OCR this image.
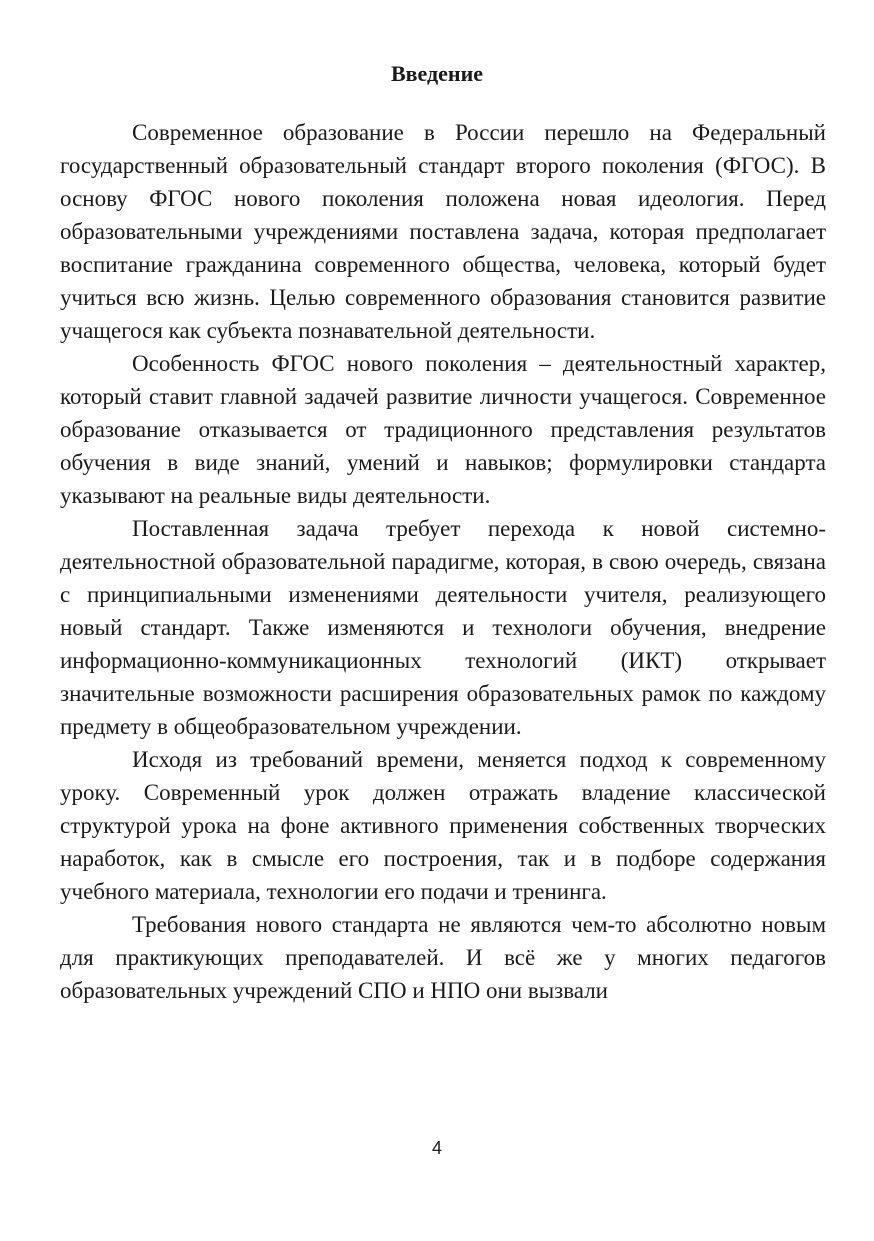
Введение

Современное образование в России перешло на Федеральный государственный образовательный стандарт второго поколения (ФГОС). В основу ФГОС нового поколения положена новая идеология. Перед образовательными учреждениями поставлена задача, которая предполагает воспитание гражданина современного общества, человека, который будет учиться всю жизнь. Целью современного образования становится развитие учащегося как субъекта познавательной деятельности.

Особенность ФГОС нового поколения – деятельностный характер, который ставит главной задачей развитие личности учащегося. Современное образование отказывается от традиционного представления результатов обучения в виде знаний, умений и навыков; формулировки стандарта указывают на реальные виды деятельности.

Поставленная задача требует перехода к новой системно-деятельностной образовательной парадигме, которая, в свою очередь, связана с принципиальными изменениями деятельности учителя, реализующего новый стандарт. Также изменяются и технологи обучения, внедрение информационно-коммуникационных технологий (ИКТ) открывает значительные возможности расширения образовательных рамок по каждому предмету в общеобразовательном учреждении.

Исходя из требований времени, меняется подход к современному уроку. Современный урок должен отражать владение классической структурой урока на фоне активного применения собственных творческих наработок, как в смысле его построения, так и в подборе содержания учебного материала, технологии его подачи и тренинга.

Требования нового стандарта не являются чем-то абсолютно новым для практикующих преподавателей. И всё же у многих педагогов образовательных учреждений СПО и НПО они вызвали

4
